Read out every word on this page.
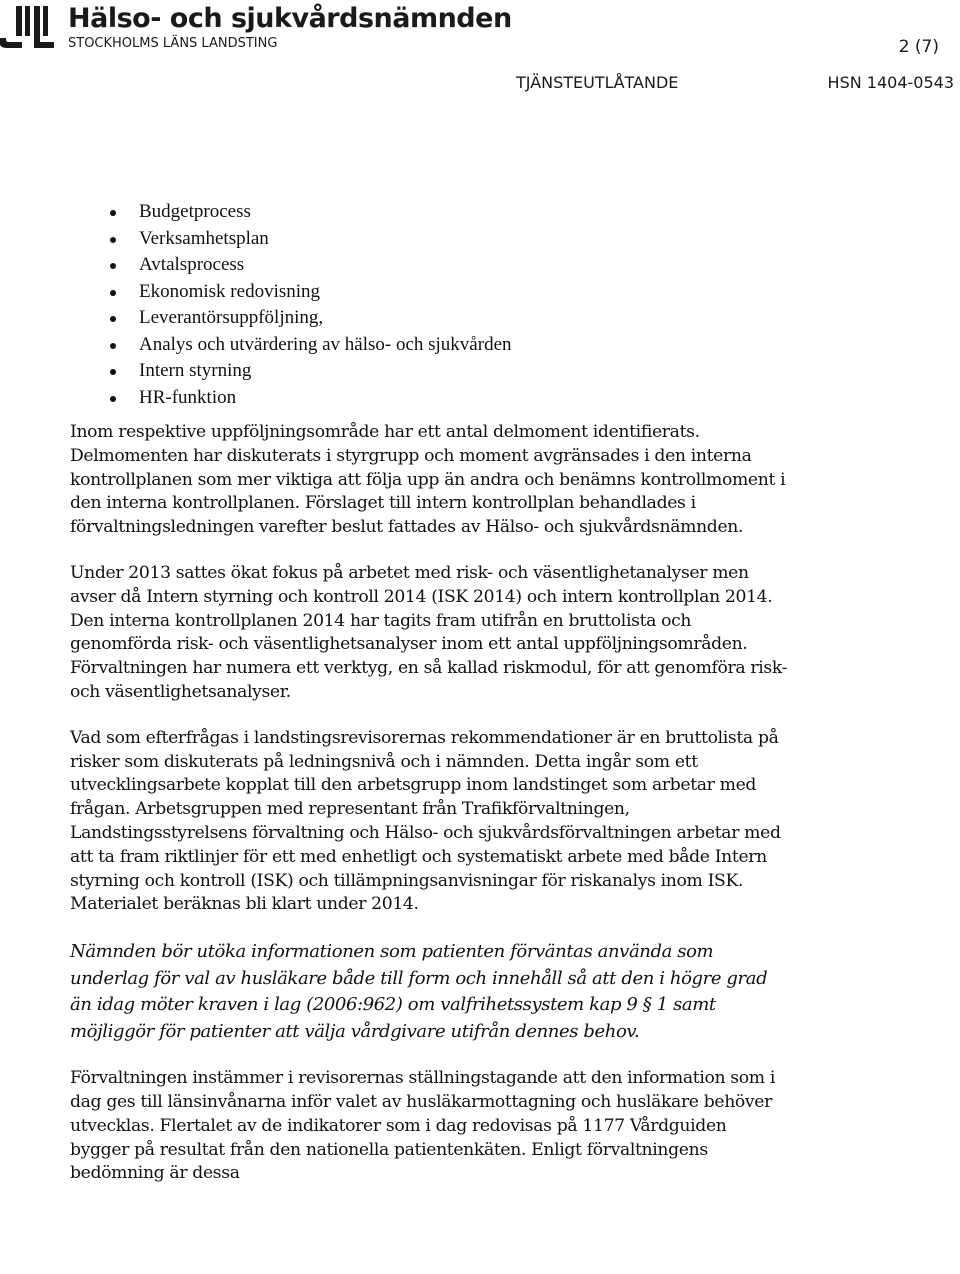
Hälso- och sjukvårdsnämnden
STOCKHOLMS LÄNS LANDSTING	2 (7)
TJÄNSTEUTLÅTANDE	HSN 1404-0543
Budgetprocess
Verksamhetsplan
Avtalsprocess
Ekonomisk redovisning
Leverantörsuppföljning,
Analys och utvärdering av hälso- och sjukvården
Intern styrning
HR-funktion

Inom respektive uppföljningsområde har ett antal delmoment identifierats. Delmomenten har diskuterats i styrgrupp och moment avgränsades i den interna kontrollplanen som mer viktiga att följa upp än andra och benämns kontrollmoment i den interna kontrollplanen. Förslaget till intern kontrollplan behandlades i förvaltningsledningen varefter beslut fattades av Hälso- och sjukvårdsnämnden.

Under 2013 sattes ökat fokus på arbetet med risk- och väsentlighetanalyser men avser då Intern styrning och kontroll 2014 (ISK 2014) och intern kontrollplan 2014. Den interna kontrollplanen 2014 har tagits fram utifrån en bruttolista och genomförda risk- och väsentlighetsanalyser inom ett antal uppföljningsområden. Förvaltningen har numera ett verktyg, en så kallad riskmodul, för att genomföra risk- och väsentlighetsanalyser.

Vad som efterfrågas i landstingsrevisorernas rekommendationer är en bruttolista på risker som diskuterats på ledningsnivå och i nämnden. Detta ingår som ett utvecklingsarbete kopplat till den arbetsgrupp inom landstinget som arbetar med frågan. Arbetsgruppen med representant från Trafikförvaltningen, Landstingsstyrelsens förvaltning och Hälso- och sjukvårdsförvaltningen arbetar med att ta fram riktlinjer för ett med enhetligt och systematiskt arbete med både Intern styrning och kontroll (ISK) och tillämpningsanvisningar för riskanalys inom ISK. Materialet beräknas bli klart under 2014.

Nämnden bör utöka informationen som patienten förväntas använda som underlag för val av husläkare både till form och innehåll så att den i högre grad än idag möter kraven i lag (2006:962) om valfrihetssystem kap 9 § 1 samt möjliggör för patienter att välja vårdgivare utifrån dennes behov.

Förvaltningen instämmer i revisorernas ställningstagande att den information som i dag ges till länsinvånarna inför valet av husläkarmottagning och husläkare behöver utvecklas. Flertalet av de indikatorer som i dag redovisas på 1177 Vårdguiden bygger på resultat från den nationella patientenkäten. Enligt förvaltningens bedömning är dessa
